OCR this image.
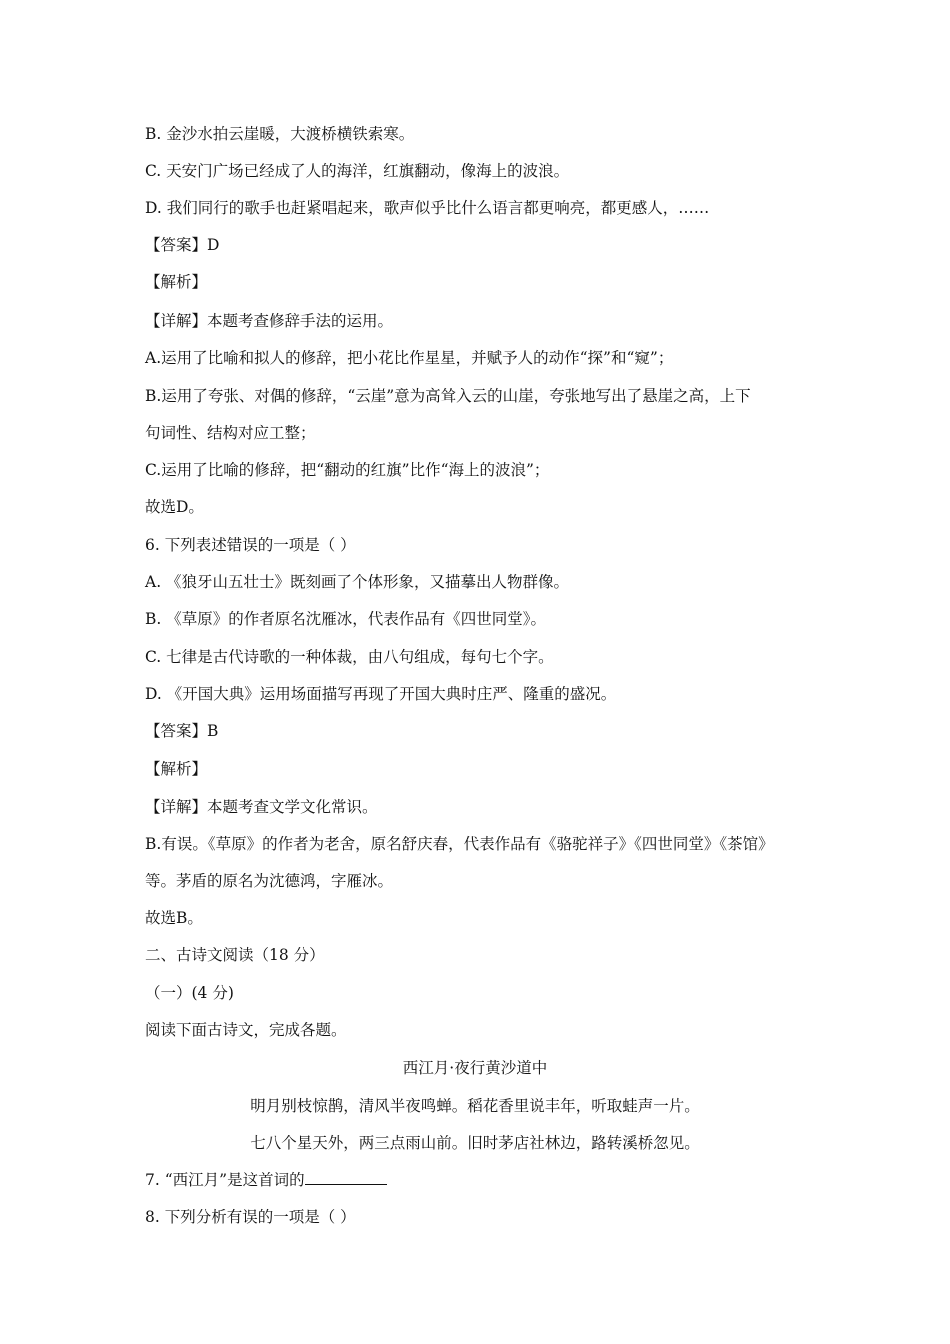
B. 金沙水拍云崖暖，大渡桥横铁索寒。
C. 天安门广场已经成了人的海洋，红旗翻动，像海上的波浪。
D. 我们同行的歌手也赶紧唱起来，歌声似乎比什么语言都更响亮，都更感人，……
【答案】D
【解析】
【详解】本题考查修辞手法的运用。
A.运用了比喻和拟人的修辞，把小花比作星星，并赋予人的动作“探”和“窥”；
B.运用了夸张、对偶的修辞，“云崖”意为高耸入云的山崖，夸张地写出了悬崖之高，上下
句词性、结构对应工整；
C.运用了比喻的修辞，把“翻动的红旗”比作“海上的波浪”；
故选D。
6. 下列表述错误的一项是（ ）
A. 《狼牙山五壮士》既刻画了个体形象，又描摹出人物群像。
B. 《草原》的作者原名沈雁冰，代表作品有《四世同堂》。
C. 七律是古代诗歌的一种体裁，由八句组成，每句七个字。
D. 《开国大典》运用场面描写再现了开国大典时庄严、隆重的盛况。
【答案】B
【解析】
【详解】本题考查文学文化常识。
B.有误。《草原》的作者为老舍，原名舒庆春，代表作品有《骆驼祥子》《四世同堂》《茶馆》
等。茅盾的原名为沈德鸿，字雁冰。
故选B。
二、古诗文阅读（18 分）
（一）(4 分)
阅读下面古诗文，完成各题。
西江月·夜行黄沙道中
明月别枝惊鹊，清风半夜鸣蝉。稻花香里说丰年，听取蛙声一片。
七八个星天外，两三点雨山前。旧时茅店社林边，路转溪桥忽见。
7. “西江月”是这首词的
8. 下列分析有误的一项是（ ）
